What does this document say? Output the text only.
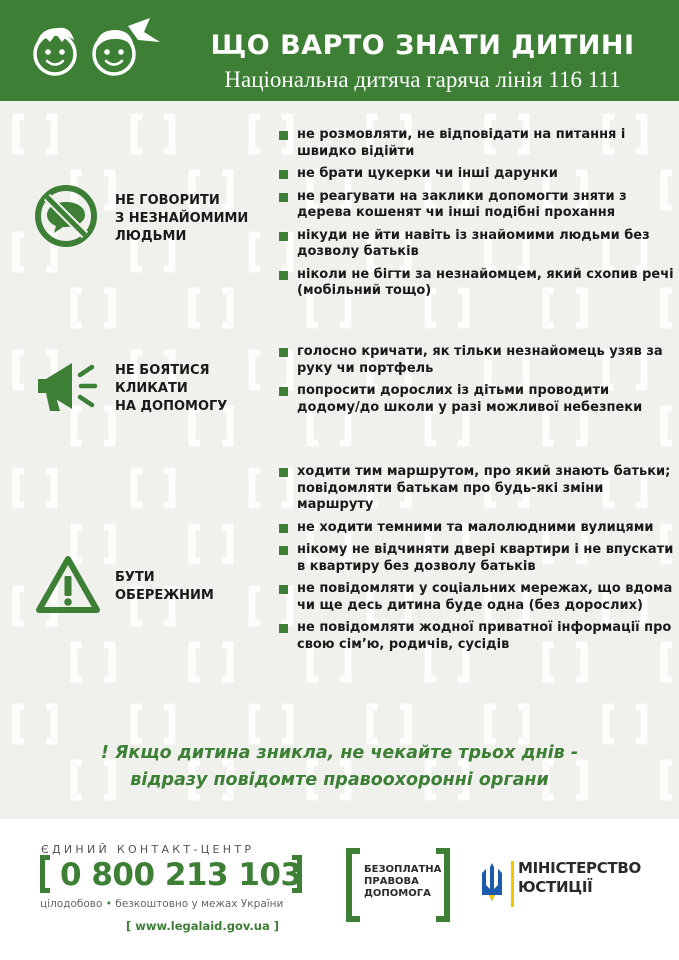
ЩО ВАРТО ЗНАТИ ДИТИНІ
Національна дитяча гаряча лінія 116 111
НЕ ГОВОРИТИ
З НЕЗНАЙОМИМИ
ЛЮДЬМИ
не розмовляти, не відповідати на питання і швидко відійти
не брати цукерки чи інші дарунки
не реагувати на заклики допомогти зняти з дерева кошенят чи інші подібні прохання
нікуди не йти навіть із знайомими людьми без дозволу батьків
ніколи не бігти за незнайомцем, який схопив речі (мобільний тощо)
НЕ БОЯТИСЯ
КЛИКАТИ
НА ДОПОМОГУ
голосно кричати, як тільки незнайомець узяв за руку чи портфель
попросити дорослих із дітьми проводити додому/до школи у разі можливої небезпеки
БУТИ
ОБЕРЕЖНИМ
ходити тим маршрутом, про який знають батьки; повідомляти батькам про будь-які зміни маршруту
не ходити темними та малолюдними вулицями
нікому не відчиняти двері квартири і не впускати в квартиру без дозволу батьків
не повідомляти у соціальних мережах, що вдома чи ще десь дитина буде одна (без дорослих)
не повідомляти жодної приватної інформації про свою сім’ю, родичів, сусідів
! Якщо дитина зникла, не чекайте трьох днів -
відразу повідомте правоохоронні органи
ЄДИНИЙ КОНТАКТ-ЦЕНТР
0 800 213 103
цілодобово • безкоштовно у межах України
[ www.legalaid.gov.ua ]
БЕЗОПЛАТНА
ПРАВОВА
ДОПОМОГА
МІНІСТЕРСТВО
ЮСТИЦІЇ
